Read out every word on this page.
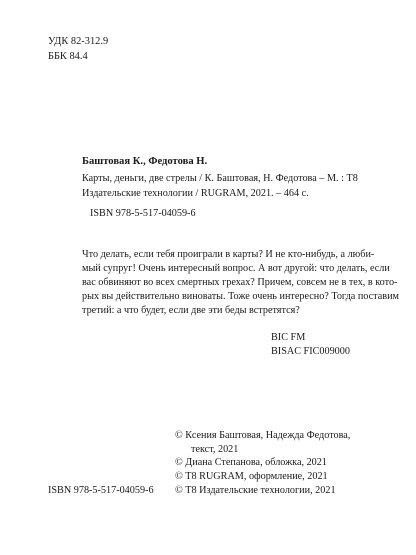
УДК 82-312.9
ББК 84.4
Баштовая К., Федотова Н.
Карты, деньги, две стрелы / К. Баштовая, Н. Федотова – М. : Т8
Издательские технологии / RUGRAM, 2021. – 464 с.
ISBN 978-5-517-04059-6
Что делать, если тебя проиграли в карты? И не кто-нибудь, а люби-
мый супруг! Очень интересный вопрос. А вот другой: что делать, если
вас обвиняют во всех смертных грехах? Причем, совсем не в тех, в кото-
рых вы действительно виноваты. Тоже очень интересно? Тогда поставим
третий: а что будет, если две эти беды встретятся?
BIC FM
BISAC FIC009000
© Ксения Баштовая, Надежда Федотова,
текст, 2021
© Диана Степанова, обложка, 2021
© Т8 RUGRAM, оформление, 2021
© Т8 Издательские технологии, 2021
ISBN 978-5-517-04059-6
